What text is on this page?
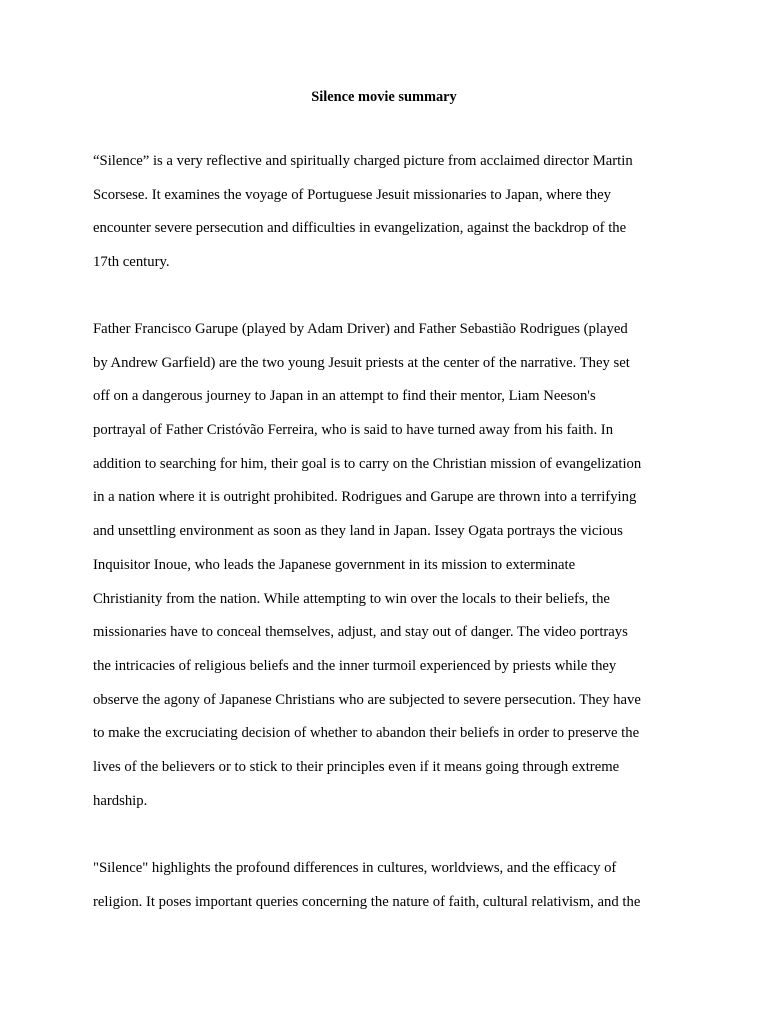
Silence movie summary
“Silence” is a very reflective and spiritually charged picture from acclaimed director Martin
Scorsese. It examines the voyage of Portuguese Jesuit missionaries to Japan, where they
encounter severe persecution and difficulties in evangelization, against the backdrop of the
17th century.
Father Francisco Garupe (played by Adam Driver) and Father Sebastião Rodrigues (played
by Andrew Garfield) are the two young Jesuit priests at the center of the narrative. They set
off on a dangerous journey to Japan in an attempt to find their mentor, Liam Neeson's
portrayal of Father Cristóvão Ferreira, who is said to have turned away from his faith. In
addition to searching for him, their goal is to carry on the Christian mission of evangelization
in a nation where it is outright prohibited. Rodrigues and Garupe are thrown into a terrifying
and unsettling environment as soon as they land in Japan. Issey Ogata portrays the vicious
Inquisitor Inoue, who leads the Japanese government in its mission to exterminate
Christianity from the nation. While attempting to win over the locals to their beliefs, the
missionaries have to conceal themselves, adjust, and stay out of danger. The video portrays
the intricacies of religious beliefs and the inner turmoil experienced by priests while they
observe the agony of Japanese Christians who are subjected to severe persecution. They have
to make the excruciating decision of whether to abandon their beliefs in order to preserve the
lives of the believers or to stick to their principles even if it means going through extreme
hardship.
"Silence" highlights the profound differences in cultures, worldviews, and the efficacy of
religion. It poses important queries concerning the nature of faith, cultural relativism, and the
